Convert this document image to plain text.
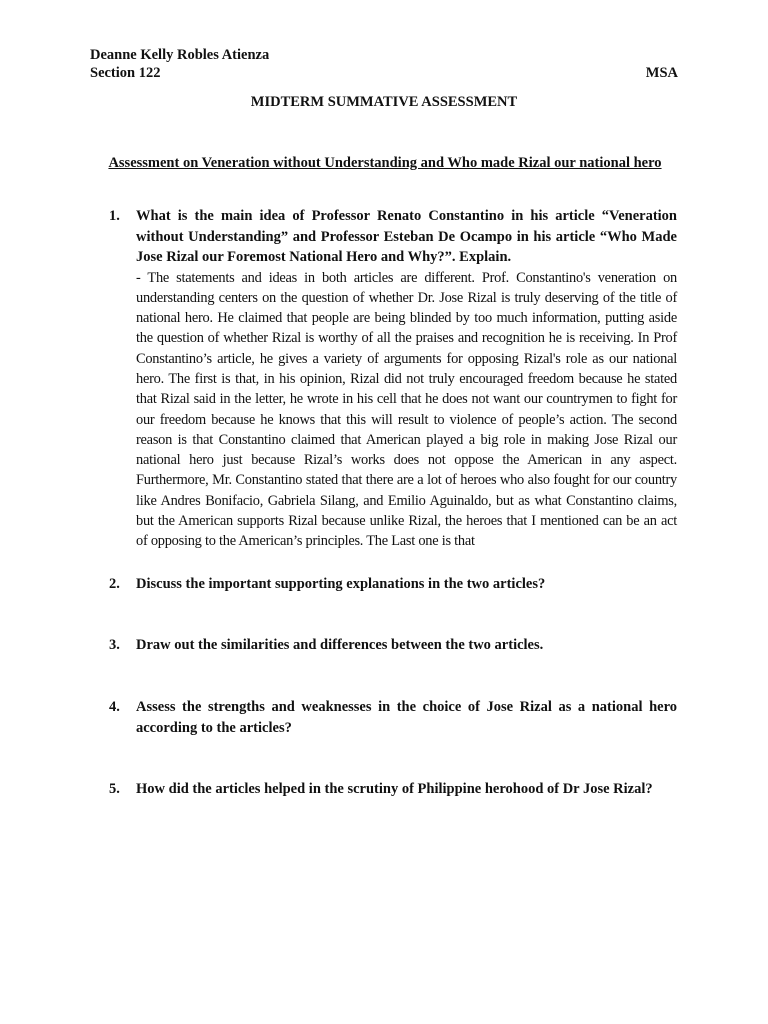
Deanne Kelly Robles Atienza
Section 122	MSA
MIDTERM SUMMATIVE ASSESSMENT
Assessment on Veneration without Understanding and Who made Rizal our national hero
1. What is the main idea of Professor Renato Constantino in his article “Veneration without Understanding” and Professor Esteban De Ocampo in his article “Who Made Jose Rizal our Foremost National Hero and Why?”. Explain.

- The statements and ideas in both articles are different. Prof. Constantino's veneration on understanding centers on the question of whether Dr. Jose Rizal is truly deserving of the title of national hero. He claimed that people are being blinded by too much information, putting aside the question of whether Rizal is worthy of all the praises and recognition he is receiving. In Prof Constantino’s article, he gives a variety of arguments for opposing Rizal's role as our national hero. The first is that, in his opinion, Rizal did not truly encouraged freedom because he stated that Rizal said in the letter, he wrote in his cell that he does not want our countrymen to fight for our freedom because he knows that this will result to violence of people’s action. The second reason is that Constantino claimed that American played a big role in making Jose Rizal our national hero just because Rizal’s works does not oppose the American in any aspect. Furthermore, Mr. Constantino stated that there are a lot of heroes who also fought for our country like Andres Bonifacio, Gabriela Silang, and Emilio Aguinaldo, but as what Constantino claims, but the American supports Rizal because unlike Rizal, the heroes that I mentioned can be an act of opposing to the American’s principles. The Last one is that

2. Discuss the important supporting explanations in the two articles?

3. Draw out the similarities and differences between the two articles.

4. Assess the strengths and weaknesses in the choice of Jose Rizal as a national hero according to the articles?

5. How did the articles helped in the scrutiny of Philippine herohood of Dr Jose Rizal?
